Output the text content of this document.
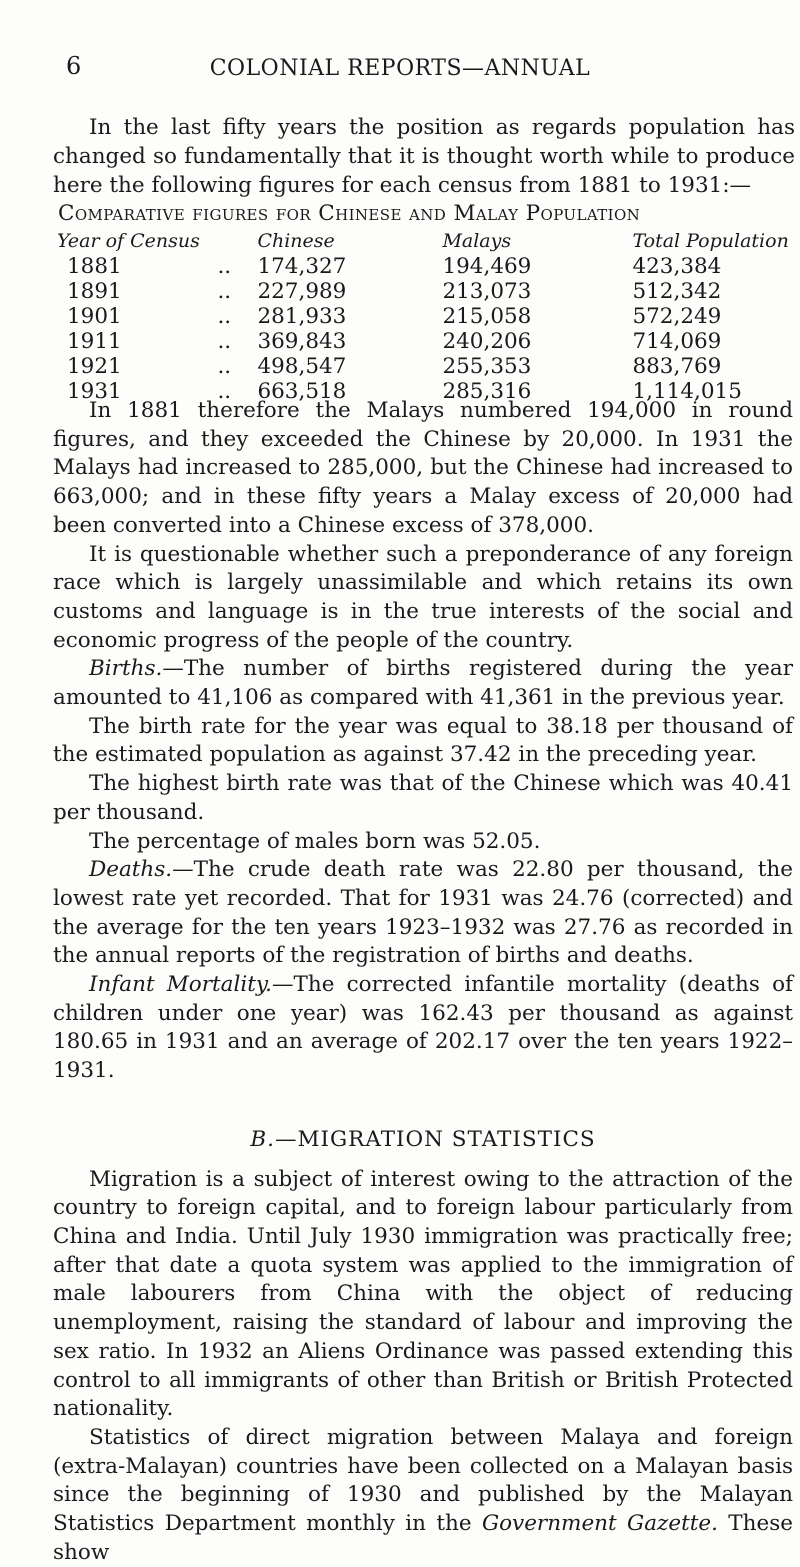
6	COLONIAL REPORTS—ANNUAL

In the last fifty years the position as regards population has changed so fundamentally that it is thought worth while to produce here the following figures for each census from 1881 to 1931:—

Comparative figures for Chinese and Malay Population
Year of Census		Chinese	Malays	Total Population
1881	..	174,327	194,469	423,384
1891	..	227,989	213,073	512,342
1901	..	281,933	215,058	572,249
1911	..	369,843	240,206	714,069
1921	..	498,547	255,353	883,769
1931	..	663,518	285,316	1,114,015

In 1881 therefore the Malays numbered 194,000 in round figures, and they exceeded the Chinese by 20,000. In 1931 the Malays had increased to 285,000, but the Chinese had increased to 663,000; and in these fifty years a Malay excess of 20,000 had been converted into a Chinese excess of 378,000.

It is questionable whether such a preponderance of any foreign race which is largely unassimilable and which retains its own customs and language is in the true interests of the social and economic progress of the people of the country.

Births.—The number of births registered during the year amounted to 41,106 as compared with 41,361 in the previous year.

The birth rate for the year was equal to 38.18 per thousand of the estimated population as against 37.42 in the preceding year.

The highest birth rate was that of the Chinese which was 40.41 per thousand.

The percentage of males born was 52.05.

Deaths.—The crude death rate was 22.80 per thousand, the lowest rate yet recorded. That for 1931 was 24.76 (corrected) and the average for the ten years 1923–1932 was 27.76 as recorded in the annual reports of the registration of births and deaths.

Infant Mortality.—The corrected infantile mortality (deaths of children under one year) was 162.43 per thousand as against 180.65 in 1931 and an average of 202.17 over the ten years 1922–1931.

B.—MIGRATION STATISTICS

Migration is a subject of interest owing to the attraction of the country to foreign capital, and to foreign labour particularly from China and India. Until July 1930 immigration was practically free; after that date a quota system was applied to the immigration of male labourers from China with the object of reducing unemployment, raising the standard of labour and improving the sex ratio. In 1932 an Aliens Ordinance was passed extending this control to all immigrants of other than British or British Protected nationality.

Statistics of direct migration between Malaya and foreign (extra-Malayan) countries have been collected on a Malayan basis since the beginning of 1930 and published by the Malayan Statistics Department monthly in the Government Gazette. These show
